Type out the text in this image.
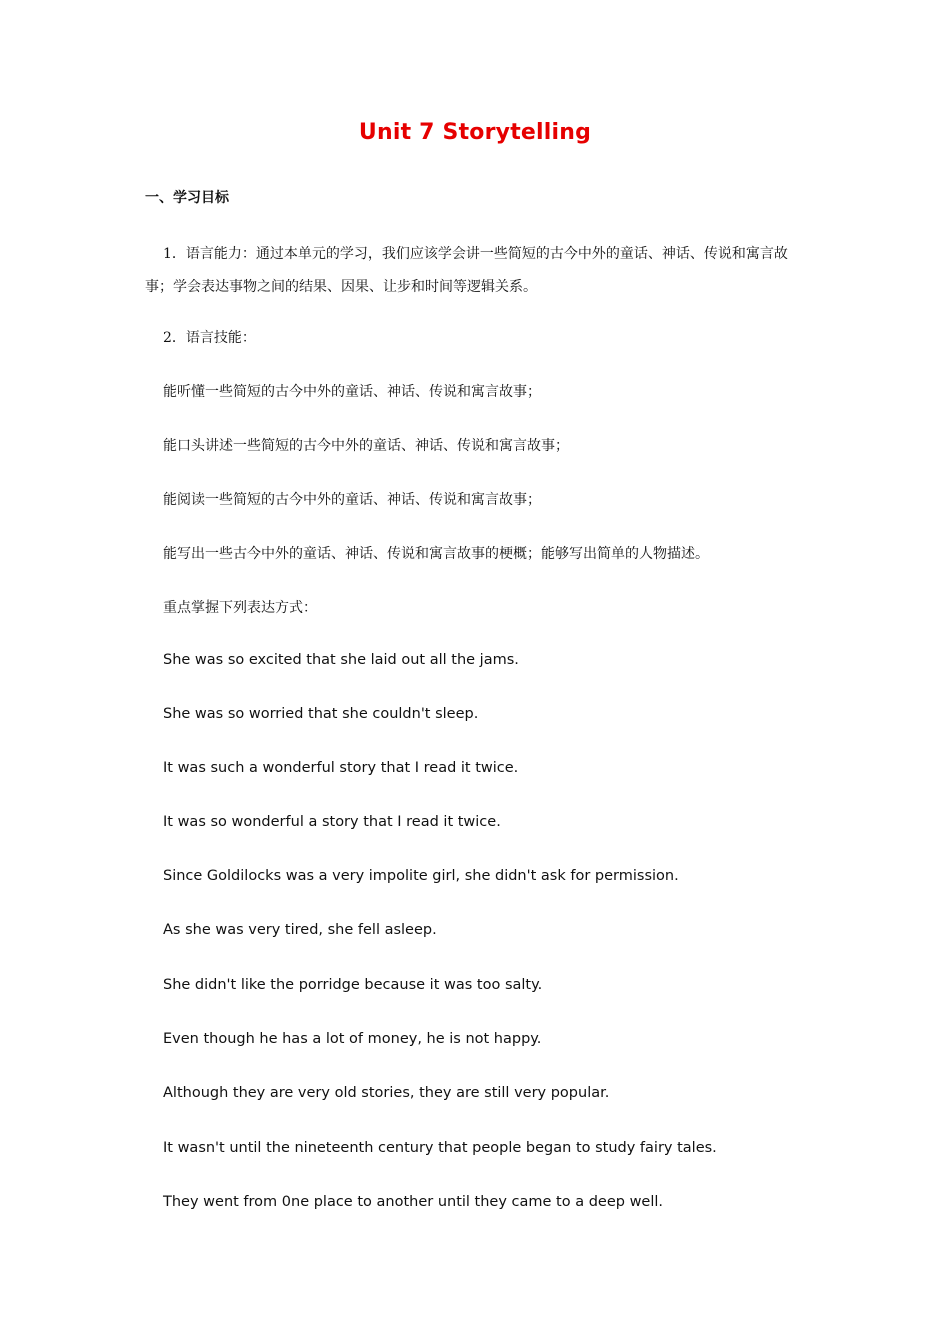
Unit 7 Storytelling
一、学习目标
1．语言能力：通过本单元的学习，我们应该学会讲一些简短的古今中外的童话、神话、传说和寓言故事；学会表达事物之间的结果、因果、让步和时间等逻辑关系。
2．语言技能：
能听懂一些简短的古今中外的童话、神话、传说和寓言故事；
能口头讲述一些简短的古今中外的童话、神话、传说和寓言故事；
能阅读一些简短的古今中外的童话、神话、传说和寓言故事；
能写出一些古今中外的童话、神话、传说和寓言故事的梗概；能够写出简单的人物描述。
重点掌握下列表达方式：
She was so excited that she laid out all the jams.
She was so worried that she couldn't sleep.
It was such a wonderful story that I read it twice.
It was so wonderful a story that I read it twice.
Since Goldilocks was a very impolite girl, she didn't ask for permission.
As she was very tired, she fell asleep.
She didn't like the porridge because it was too salty.
Even though he has a lot of money, he is not happy.
Although they are very old stories, they are still very popular.
It wasn't until the nineteenth century that people began to study fairy tales.
They went from 0ne place to another until they came to a deep well.
